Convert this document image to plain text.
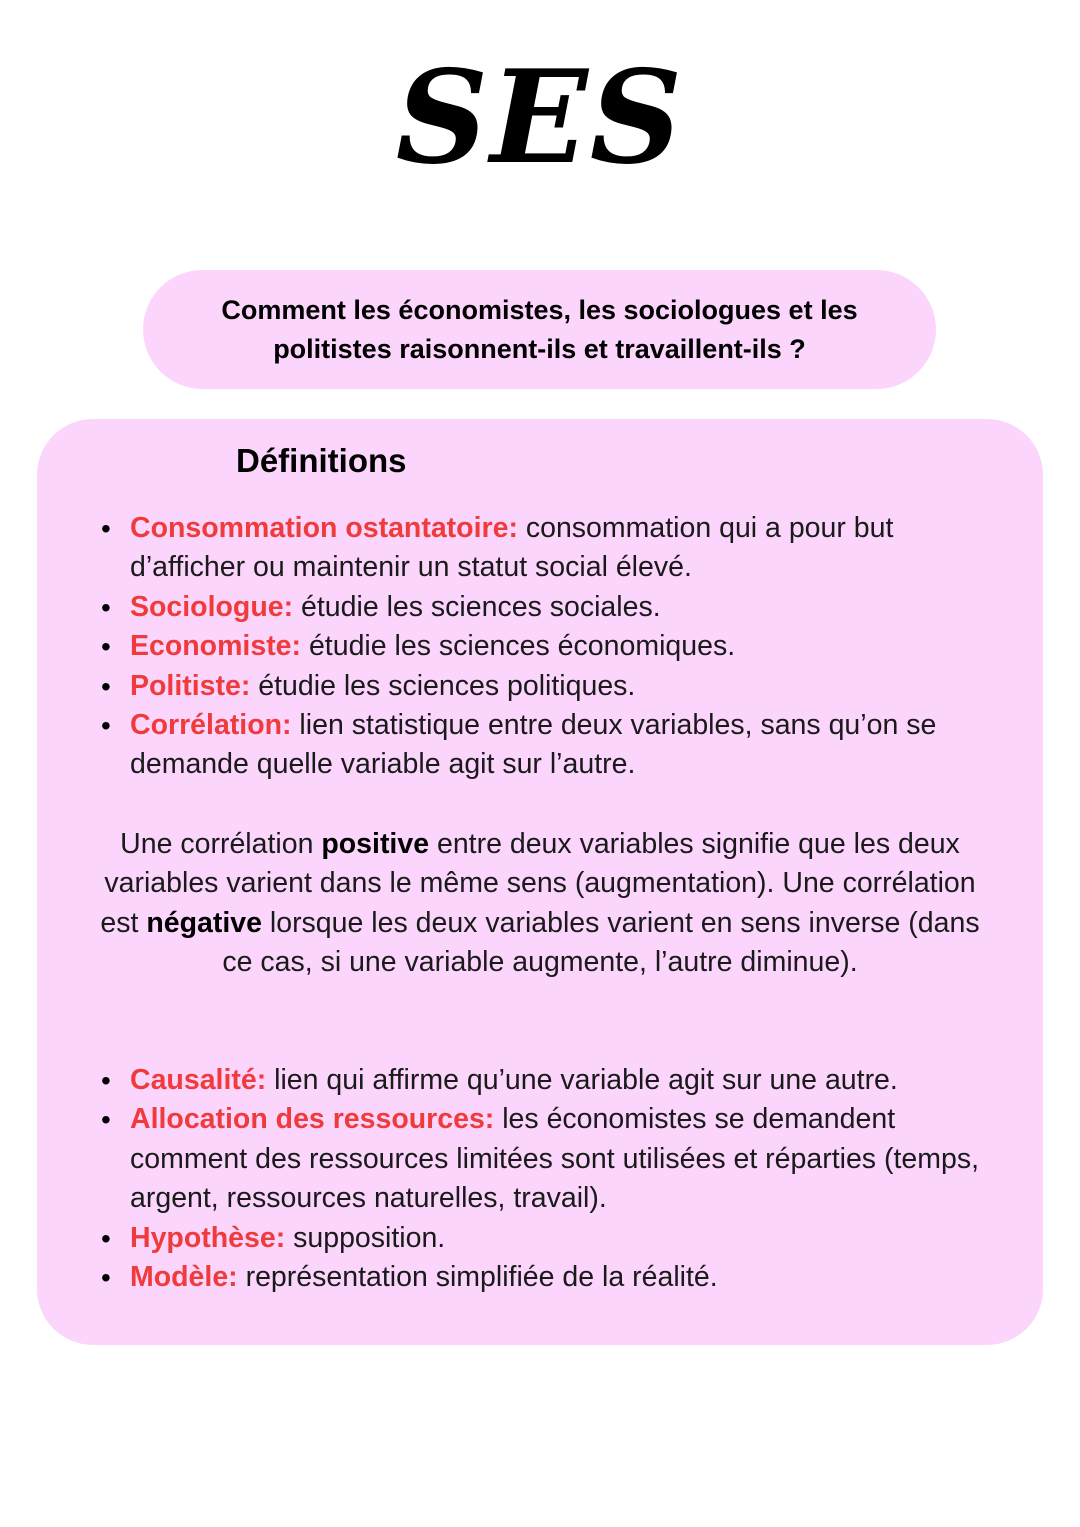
SES
Comment les économistes, les sociologues et les politistes raisonnent-ils et travaillent-ils ?
Définitions
• Consommation ostantatoire: consommation qui a pour but d’afficher ou maintenir un statut social élevé.
• Sociologue: étudie les sciences sociales.
• Economiste: étudie les sciences économiques.
• Politiste: étudie les sciences politiques.
• Corrélation: lien statistique entre deux variables, sans qu’on se demande quelle variable agit sur l’autre.
Une corrélation positive entre deux variables signifie que les deux variables varient dans le même sens (augmentation). Une corrélation est négative lorsque les deux variables varient en sens inverse (dans ce cas, si une variable augmente, l’autre diminue).
• Causalité: lien qui affirme qu’une variable agit sur une autre.
• Allocation des ressources: les économistes se demandent comment des ressources limitées sont utilisées et réparties (temps, argent, ressources naturelles, travail).
• Hypothèse: supposition.
• Modèle: représentation simplifiée de la réalité.
